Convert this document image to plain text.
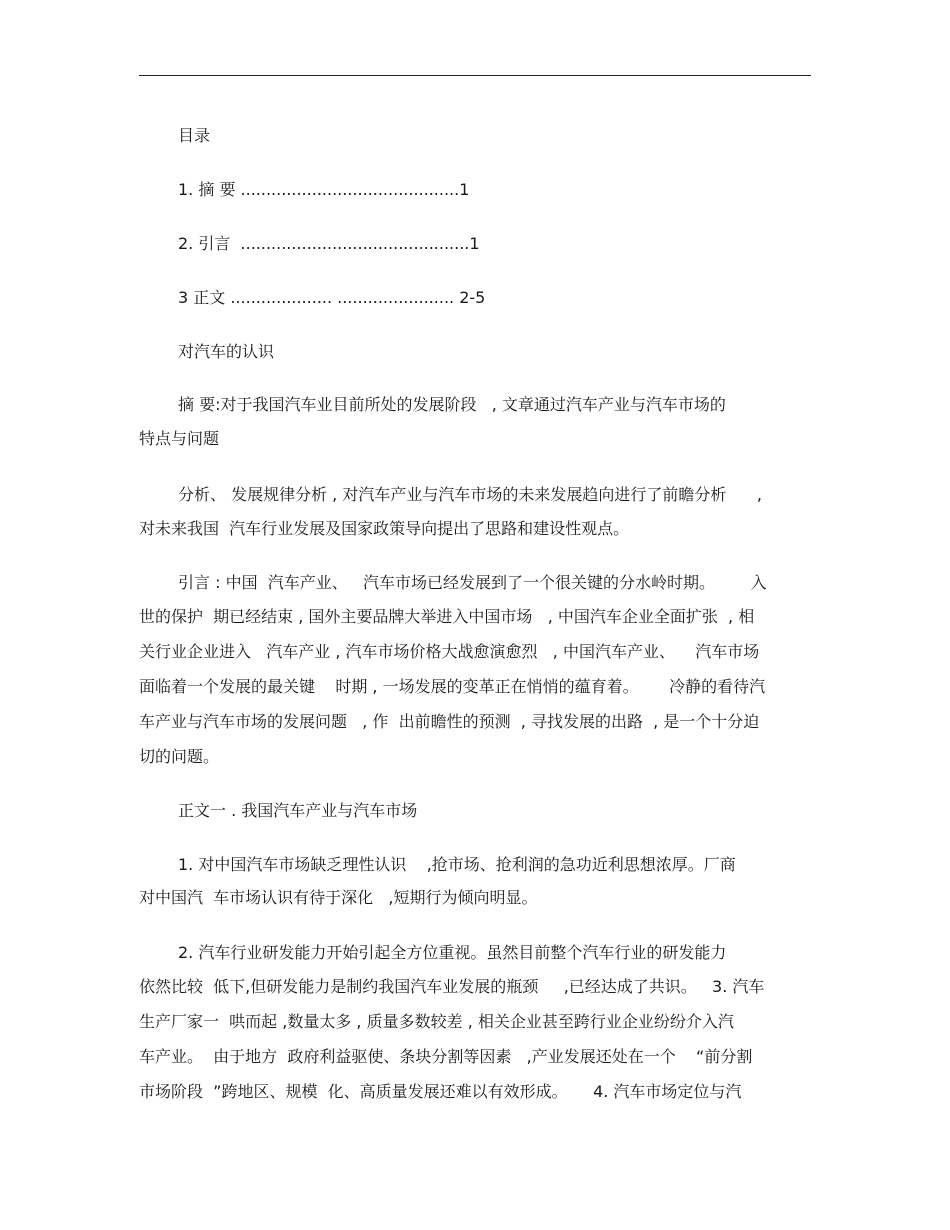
目录
1. 摘 要 ...........................................1
2. 引言  .............................................1
3 正文 .................... ....................... 2-5
对汽车的认识
摘 要:对于我国汽车业目前所处的发展阶段   , 文章通过汽车产业与汽车市场的
特点与问题
分析、 发展规律分析 , 对汽车产业与汽车市场的未来发展趋向进行了前瞻分析      ,
对未来我国  汽车行业发展及国家政策导向提出了思路和建设性观点。
引言 : 中国  汽车产业、   汽车市场已经发展到了一个很关键的分水岭时期。       入
世的保护  期已经结束 , 国外主要品牌大举进入中国市场   , 中国汽车企业全面扩张  , 相
关行业企业进入   汽车产业 , 汽车市场价格大战愈演愈烈   , 中国汽车产业、    汽车市场
面临着一个发展的最关键    时期 , 一场发展的变革正在悄悄的蕴育着。      冷静的看待汽
车产业与汽车市场的发展问题   , 作  出前瞻性的预测  , 寻找发展的出路  , 是一个十分迫
切的问题。
正文一 . 我国汽车产业与汽车市场
1. 对中国汽车市场缺乏理性认识    ,抢市场、抢利润的急功近利思想浓厚。厂商
对中国汽  车市场认识有待于深化   ,短期行为倾向明显。
2. 汽车行业研发能力开始引起全方位重视。虽然目前整个汽车行业的研发能力
依然比较  低下,但研发能力是制约我国汽车业发展的瓶颈     ,已经达成了共识。   3. 汽车
生产厂家一  哄而起 ,数量太多 , 质量多数较差 , 相关企业甚至跨行业企业纷纷介入汽
车产业。  由于地方  政府利益驱使、条块分割等因素   ,产业发展还处在一个    “前分割
市场阶段  ”跨地区、规模  化、高质量发展还难以有效形成。     4. 汽车市场定位与汽
